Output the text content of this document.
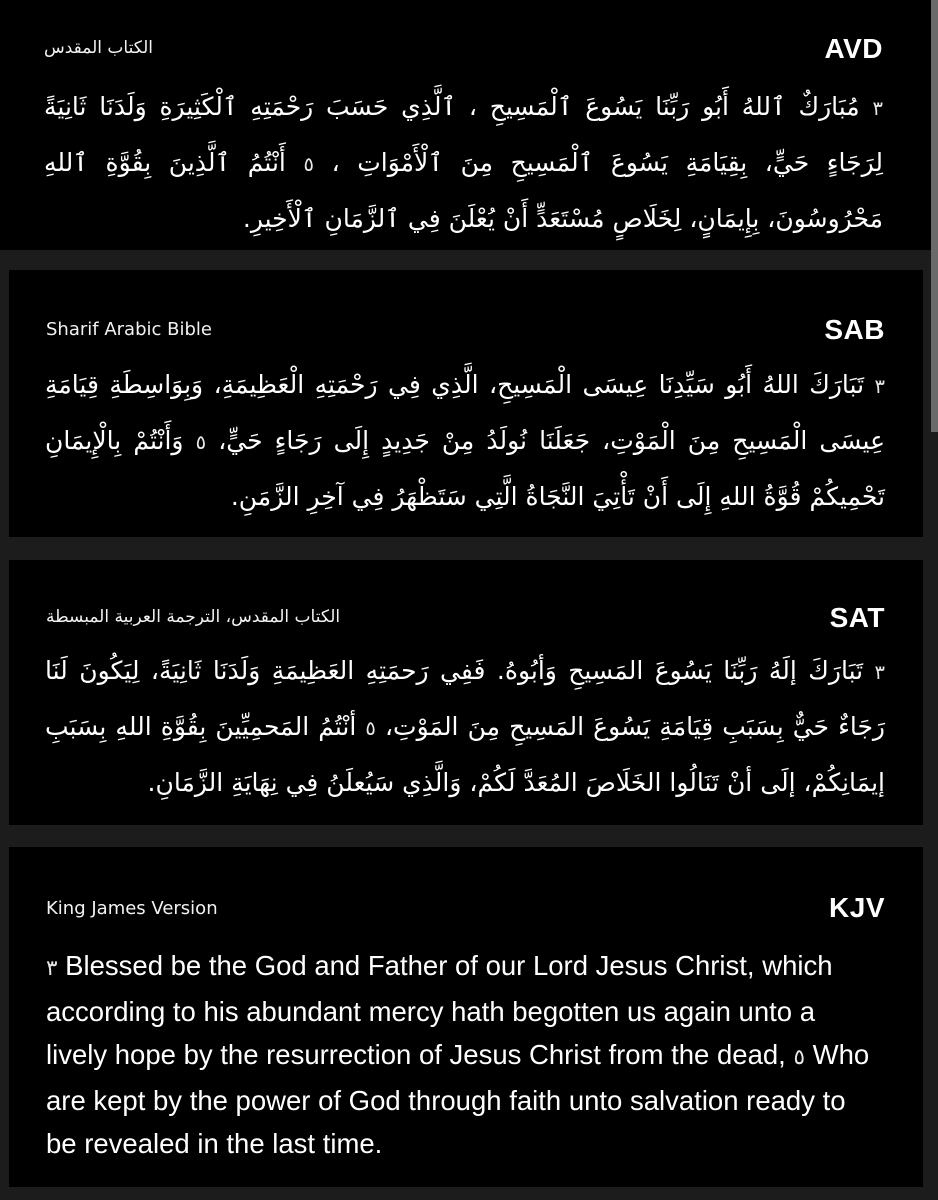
AVD
الكتاب المقدس
٣ مُبَارَكٌ ٱللهُ أَبُو رَبِّنَا يَسُوعَ ٱلْمَسِيحِ ، ٱلَّذِي حَسَبَ رَحْمَتِهِ ٱلْكَثِيرَةِ وَلَدَنَا ثَانِيَةً لِرَجَاءٍ حَيٍّ، بِقِيَامَةِ يَسُوعَ ٱلْمَسِيحِ مِنَ ٱلْأَمْوَاتِ ، ٥ أَنْتُمُ ٱلَّذِينَ بِقُوَّةِ ٱللهِ مَحْرُوسُونَ، بِإِيمَانٍ، لِخَلَاصٍ مُسْتَعَدٍّ أَنْ يُعْلَنَ فِي ٱلزَّمَانِ ٱلْأَخِيرِ.
SAB
Sharif Arabic Bible
٣ تَبَارَكَ اللهُ أَبُو سَيِّدِنَا عِيسَى الْمَسِيحِ، الَّذِي فِي رَحْمَتِهِ الْعَظِيمَةِ، وَبِوَاسِطَةِ قِيَامَةِ عِيسَى الْمَسِيحِ مِنَ الْمَوْتِ، جَعَلَنَا نُولَدُ مِنْ جَدِيدٍ إِلَى رَجَاءٍ حَيٍّ، ٥ وَأَنْتُمْ بِالْإِيمَانِ تَحْمِيكُمْ قُوَّةُ اللهِ إِلَى أَنْ تَأْتِيَ النَّجَاةُ الَّتِي سَتَظْهَرُ فِي آخِرِ الزَّمَنِ.
SAT
الكتاب المقدس، الترجمة العربية المبسطة
٣ تَبَارَكَ إلَهُ رَبِّنَا يَسُوعَ المَسِيحِ وَأبُوهُ. فَفِي رَحمَتِهِ العَظِيمَةِ وَلَدَنَا ثَانِيَةً، لِيَكُونَ لَنَا رَجَاءٌ حَيٌّ بِسَبَبِ قِيَامَةِ يَسُوعَ المَسِيحِ مِنَ المَوْتِ، ٥ أنْتُمُ المَحمِيِّينَ بِقُوَّةِ اللهِ بِسَبَبِ إيمَانِكُمْ، إلَى أنْ تَنَالُوا الخَلَاصَ المُعَدَّ لَكُمْ، وَالَّذِي سَيُعلَنُ فِي نِهَايَةِ الزَّمَانِ.
KJV
King James Version
٣ Blessed be the God and Father of our Lord Jesus Christ, which according to his abundant mercy hath begotten us again unto a lively hope by the resurrection of Jesus Christ from the dead, ٥ Who are kept by the power of God through faith unto salvation ready to be revealed in the last time.
